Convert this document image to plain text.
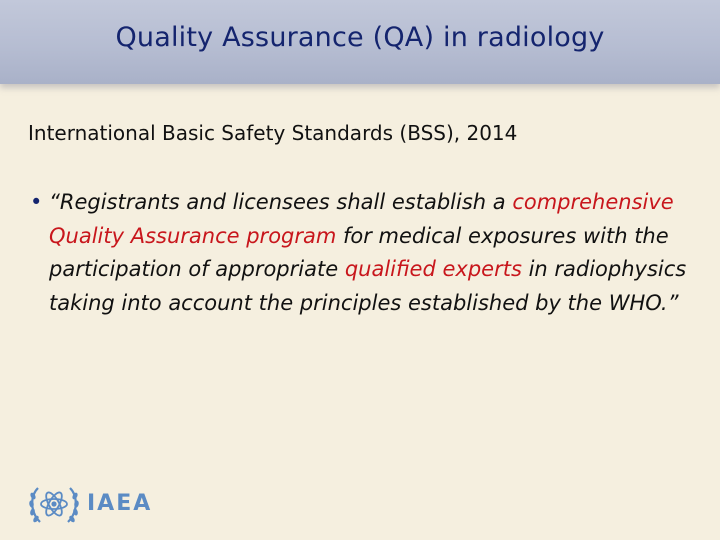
Quality Assurance (QA) in radiology
International Basic Safety Standards (BSS), 2014
• “Registrants and licensees shall establish a comprehensive Quality Assurance program for medical exposures with the participation of appropriate qualified experts in radiophysics taking into account the principles established by the WHO.”
IAEA
